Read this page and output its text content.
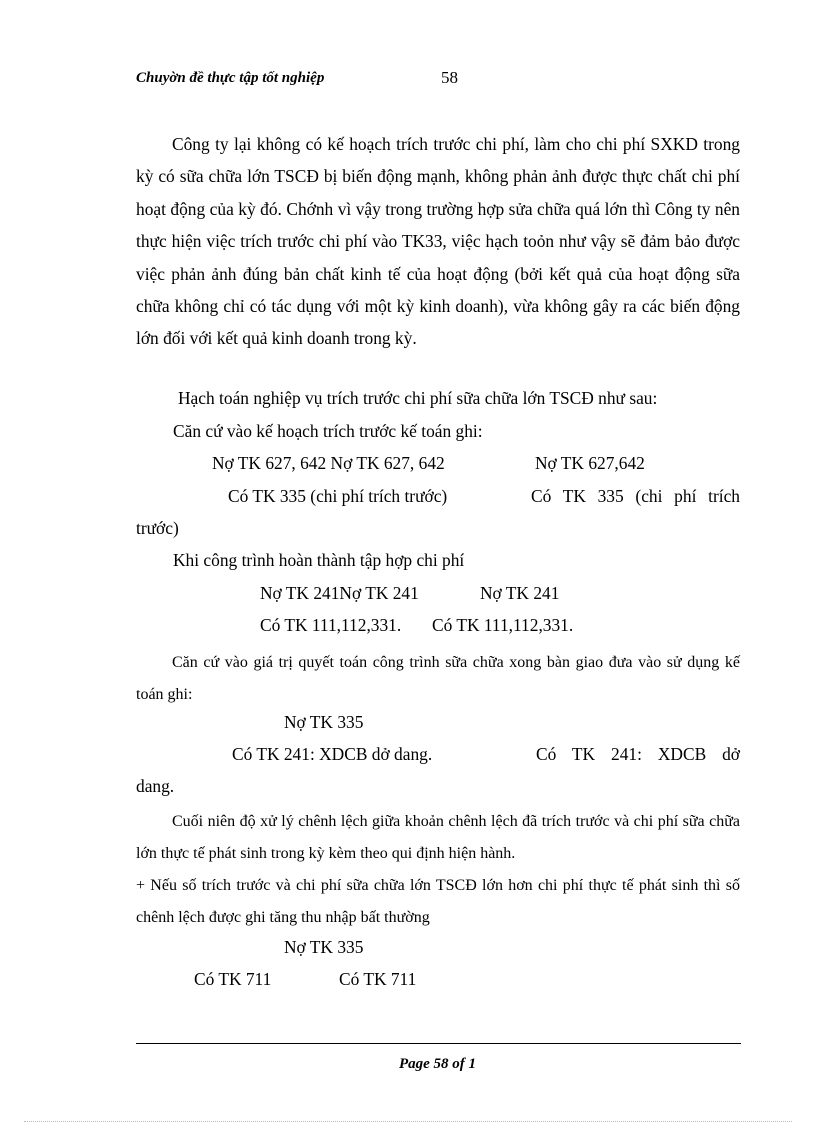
Chuyờn đề thực tập tốt nghiệp	58

Công ty lại không có kế hoạch trích trước chi phí, làm cho chi phí SXKD trong kỳ có sữa chữa lớn TSCĐ bị biến động mạnh, không phản ảnh được thực chất chi phí hoạt động của kỳ đó. Chớnh vì vậy trong trường hợp sửa chữa quá lớn thì Công ty nên thực hiện việc trích trước chi phí vào TK33, việc hạch toỏn như vậy sẽ đảm bảo được việc phản ảnh đúng bản chất kinh tế của hoạt động (bởi kết quả của hoạt động sữa chữa không chỉ có tác dụng với một kỳ kinh doanh), vừa không gây ra các biến động lớn đối với kết quả kinh doanh trong kỳ.

Hạch toán nghiệp vụ trích trước chi phí sữa chữa lớn TSCĐ như sau:
Căn cứ vào kế hoạch trích trước kế toán ghi:
Nợ TK 627, 642 Nợ TK 627, 642	Nợ TK 627,642
Có TK 335 (chi phí trích trước)	Có TK 335 (chi phí trích
trước)
Khi công trình hoàn thành tập hợp chi phí
Nợ TK 241Nợ TK 241	Nợ TK 241
Có TK 111,112,331. Có TK 111,112,331.

Căn cứ vào giá trị quyết toán công trình sữa chữa xong bàn giao đưa vào sử dụng kế toán ghi:

Nợ TK 335
Có TK 241: XDCB dở dang.	Có TK 241: XDCB dở
dang.

Cuối niên độ xử lý chênh lệch giữa khoản chênh lệch đã trích trước và chi phí sữa chữa lớn thực tế phát sinh trong kỳ kèm theo qui định hiện hành.

+ Nếu số trích trước và chi phí sữa chữa lớn TSCĐ lớn hơn chi phí thực tế phát sinh thì số chênh lệch được ghi tăng thu nhập bất thường

Nợ TK 335
Có TK 711	Có TK 711
Page 58 of 1
